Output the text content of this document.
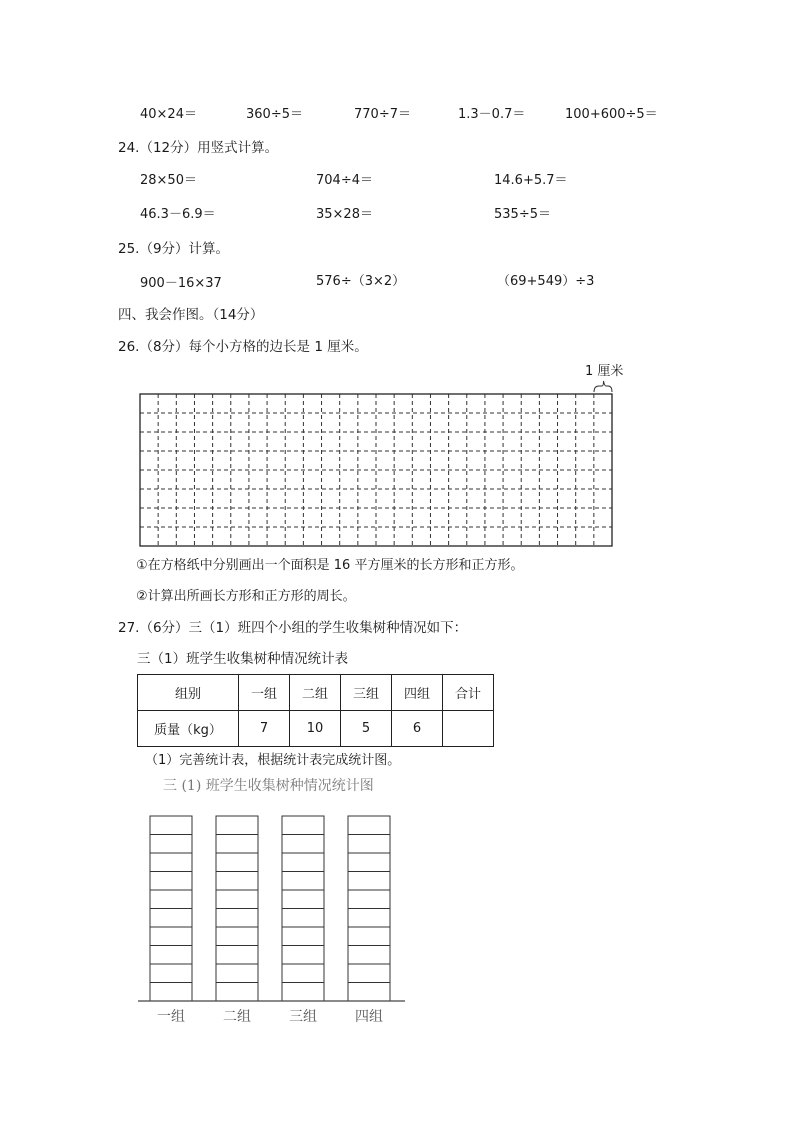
40×24＝	360÷5＝	770÷7＝	1.3－0.7＝	100+600÷5＝
24.（12分）用竖式计算。
28×50＝	704÷4＝	14.6+5.7＝
46.3－6.9＝	35×28＝	535÷5＝
25.（9分）计算。
900－16×37	576÷（3×2）	（69+549）÷3
四、我会作图。（14分）
26.（8分）每个小方格的边长是 1 厘米。
1 厘米
①在方格纸中分别画出一个面积是 16 平方厘米的长方形和正方形。
②计算出所画长方形和正方形的周长。
27.（6分）三（1）班四个小组的学生收集树种情况如下：
三（1）班学生收集树种情况统计表
组别	一组	二组	三组	四组	合计
质量（kg）	7	10	5	6	
（1）完善统计表，根据统计表完成统计图。
三 (1) 班学生收集树种情况统计图
一组	二组	三组	四组
